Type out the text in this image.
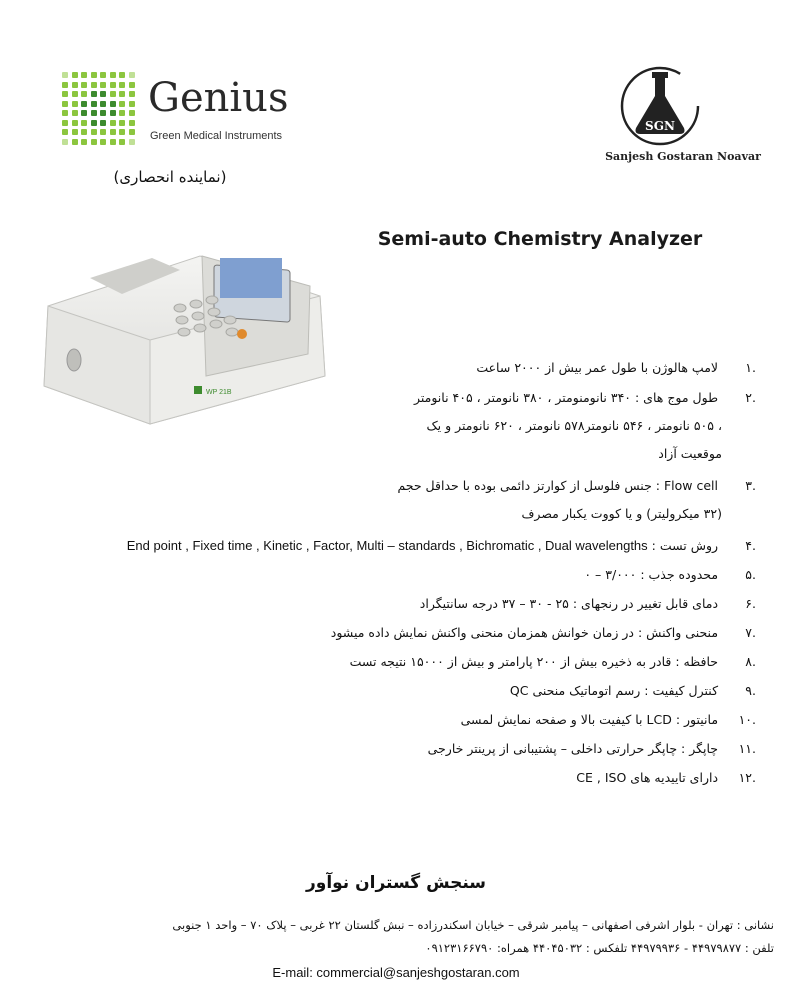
Genius
Green Medical Instruments
(نماینده انحصاری)
SGN
Sanjesh Gostaran Noavar
Semi-auto Chemistry Analyzer
WP 21B
.۱ لامپ هالوژن با طول عمر بیش از ۲۰۰۰ ساعت
.۲ طول موج های : ۳۴۰ نانومنومتر ، ۳۸۰ نانومتر ، ۴۰۵ نانومتر
، ۵۰۵ نانومتر ، ۵۴۶ نانومتر۵۷۸ نانومتر ، ۶۲۰ نانومتر و یک
موقعیت آزاد
.۳ Flow cell : جنس فلوسل از کوارتز دائمی بوده با حداقل حجم
(۳۲ میکرولیتر) و یا کووت یکبار مصرف
.۴ روش تست : End point , Fixed time , Kinetic , Factor, Multi – standards , Bichromatic , Dual wavelengths
.۵ محدوده جذب : ۳/۰۰۰ – ۰
.۶ دمای قابل تغییر در رنجهای : ۲۵ - ۳۰ – ۳۷ درجه سانتیگراد
.۷ منحنی واکنش : در زمان خوانش همزمان منحنی واکنش نمایش داده میشود
.۸ حافظه : قادر به ذخیره بیش از ۲۰۰ پارامتر و بیش از ۱۵۰۰۰ نتیجه تست
.۹ کنترل کیفیت : رسم اتوماتیک منحنی QC
.۱۰ مانیتور : LCD با کیفیت بالا و صفحه نمایش لمسی
.۱۱ چاپگر : چاپگر حرارتی داخلی – پشتیبانی از پرینتر خارجی
.۱۲ دارای تاییدیه های CE , ISO
سنجش گستران نوآور
نشانی : تهران - بلوار اشرفی اصفهانی – پیامبر شرقی – خیابان اسکندرزاده – نبش گلستان ۲۲ غربی – پلاک ۷۰ – واحد ۱ جنوبی
تلفن : ۴۴۹۷۹۸۷۷ - ۴۴۹۷۹۹۳۶ تلفکس : ۴۴۰۴۵۰۳۲ همراه: ۰۹۱۲۳۱۶۶۷۹۰
E-mail: commercial@sanjeshgostaran.com
